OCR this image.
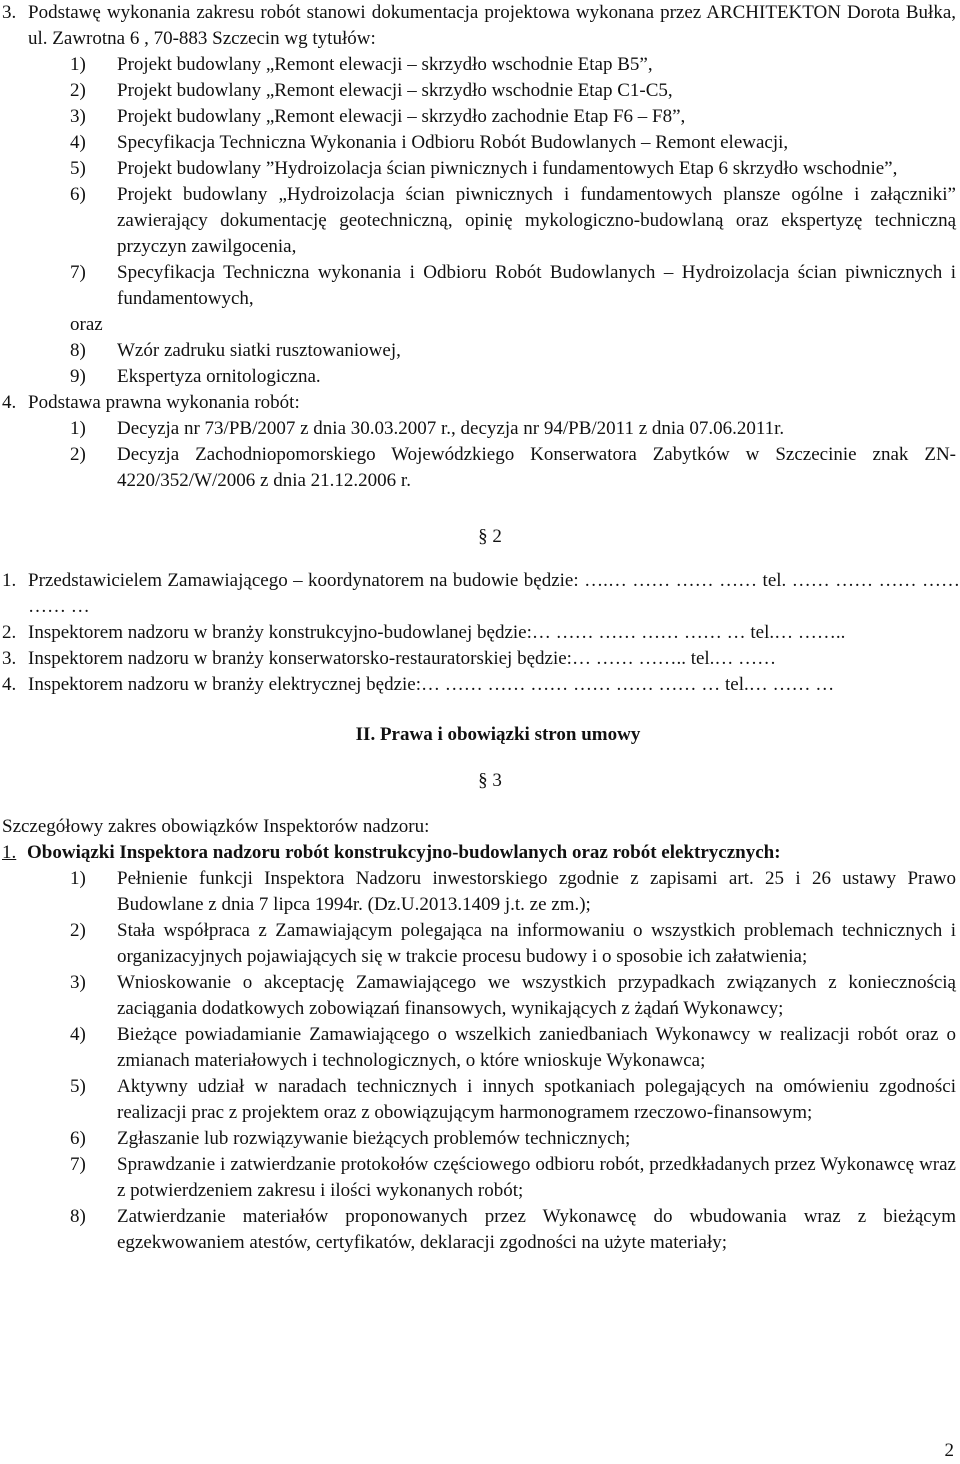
3. Podstawę wykonania zakresu robót stanowi dokumentacja projektowa wykonana przez ARCHITEKTON Dorota Bułka, ul. Zawrotna 6 , 70-883 Szczecin wg tytułów:
1) Projekt budowlany „Remont elewacji – skrzydło wschodnie Etap B5”,
2) Projekt budowlany „Remont elewacji – skrzydło wschodnie Etap C1-C5,
3) Projekt budowlany „Remont elewacji – skrzydło zachodnie Etap F6 – F8”,
4) Specyfikacja Techniczna Wykonania i Odbioru Robót Budowlanych – Remont elewacji,
5) Projekt budowlany ”Hydroizolacja ścian piwnicznych i fundamentowych Etap 6 skrzydło wschodnie”,
6) Projekt budowlany „Hydroizolacja ścian piwnicznych i fundamentowych plansze ogólne i załączniki” zawierający dokumentację geotechniczną, opinię mykologiczno-budowlaną oraz ekspertyzę techniczną przyczyn zawilgocenia,
7) Specyfikacja Techniczna wykonania i Odbioru Robót Budowlanych – Hydroizolacja ścian piwnicznych i fundamentowych,
oraz
8) Wzór zadruku siatki rusztowaniowej,
9) Ekspertyza ornitologiczna.
4. Podstawa prawna wykonania robót:
1) Decyzja nr 73/PB/2007 z dnia 30.03.2007 r., decyzja nr 94/PB/2011 z dnia 07.06.2011r.
2) Decyzja Zachodniopomorskiego Wojewódzkiego Konserwatora Zabytków w Szczecinie znak ZN-4220/352/W/2006 z dnia 21.12.2006 r.
§ 2
1. Przedstawicielem Zamawiającego – koordynatorem na budowie będzie: ….… …… …… …… tel. …… …… …… …… …… …
2. Inspektorem nadzoru w branży konstrukcyjno-budowlanej będzie:… …… …… …… …… … tel.… ……..
3. Inspektorem nadzoru w branży konserwatorsko-restauratorskiej będzie:… …… …….. tel.… ……
4. Inspektorem nadzoru w branży elektrycznej będzie:… …… …… …… …… …… …… … tel.… …… …
II. Prawa i obowiązki stron umowy
§ 3
Szczegółowy zakres obowiązków Inspektorów nadzoru:
1. Obowiązki Inspektora nadzoru robót konstrukcyjno-budowlanych oraz robót elektrycznych:
1) Pełnienie funkcji Inspektora Nadzoru inwestorskiego zgodnie z zapisami art. 25 i 26 ustawy Prawo Budowlane z dnia 7 lipca 1994r. (Dz.U.2013.1409 j.t. ze zm.);
2) Stała współpraca z Zamawiającym polegająca na informowaniu o wszystkich problemach technicznych i organizacyjnych pojawiających się w trakcie procesu budowy i o sposobie ich załatwienia;
3) Wnioskowanie o akceptację Zamawiającego we wszystkich przypadkach związanych z koniecznością zaciągania dodatkowych zobowiązań finansowych, wynikających z żądań Wykonawcy;
4) Bieżące powiadamianie Zamawiającego o wszelkich zaniedbaniach Wykonawcy w realizacji robót oraz o zmianach materiałowych i technologicznych, o które wnioskuje Wykonawca;
5) Aktywny udział w naradach technicznych i innych spotkaniach polegających na omówieniu zgodności realizacji prac z projektem oraz z obowiązującym harmonogramem rzeczowo-finansowym;
6) Zgłaszanie lub rozwiązywanie bieżących problemów technicznych;
7) Sprawdzanie i zatwierdzanie protokołów częściowego odbioru robót, przedkładanych przez Wykonawcę wraz z potwierdzeniem zakresu i ilości wykonanych robót;
8) Zatwierdzanie materiałów proponowanych przez Wykonawcę do wbudowania wraz z bieżącym egzekwowaniem atestów, certyfikatów, deklaracji zgodności na użyte materiały;
2
